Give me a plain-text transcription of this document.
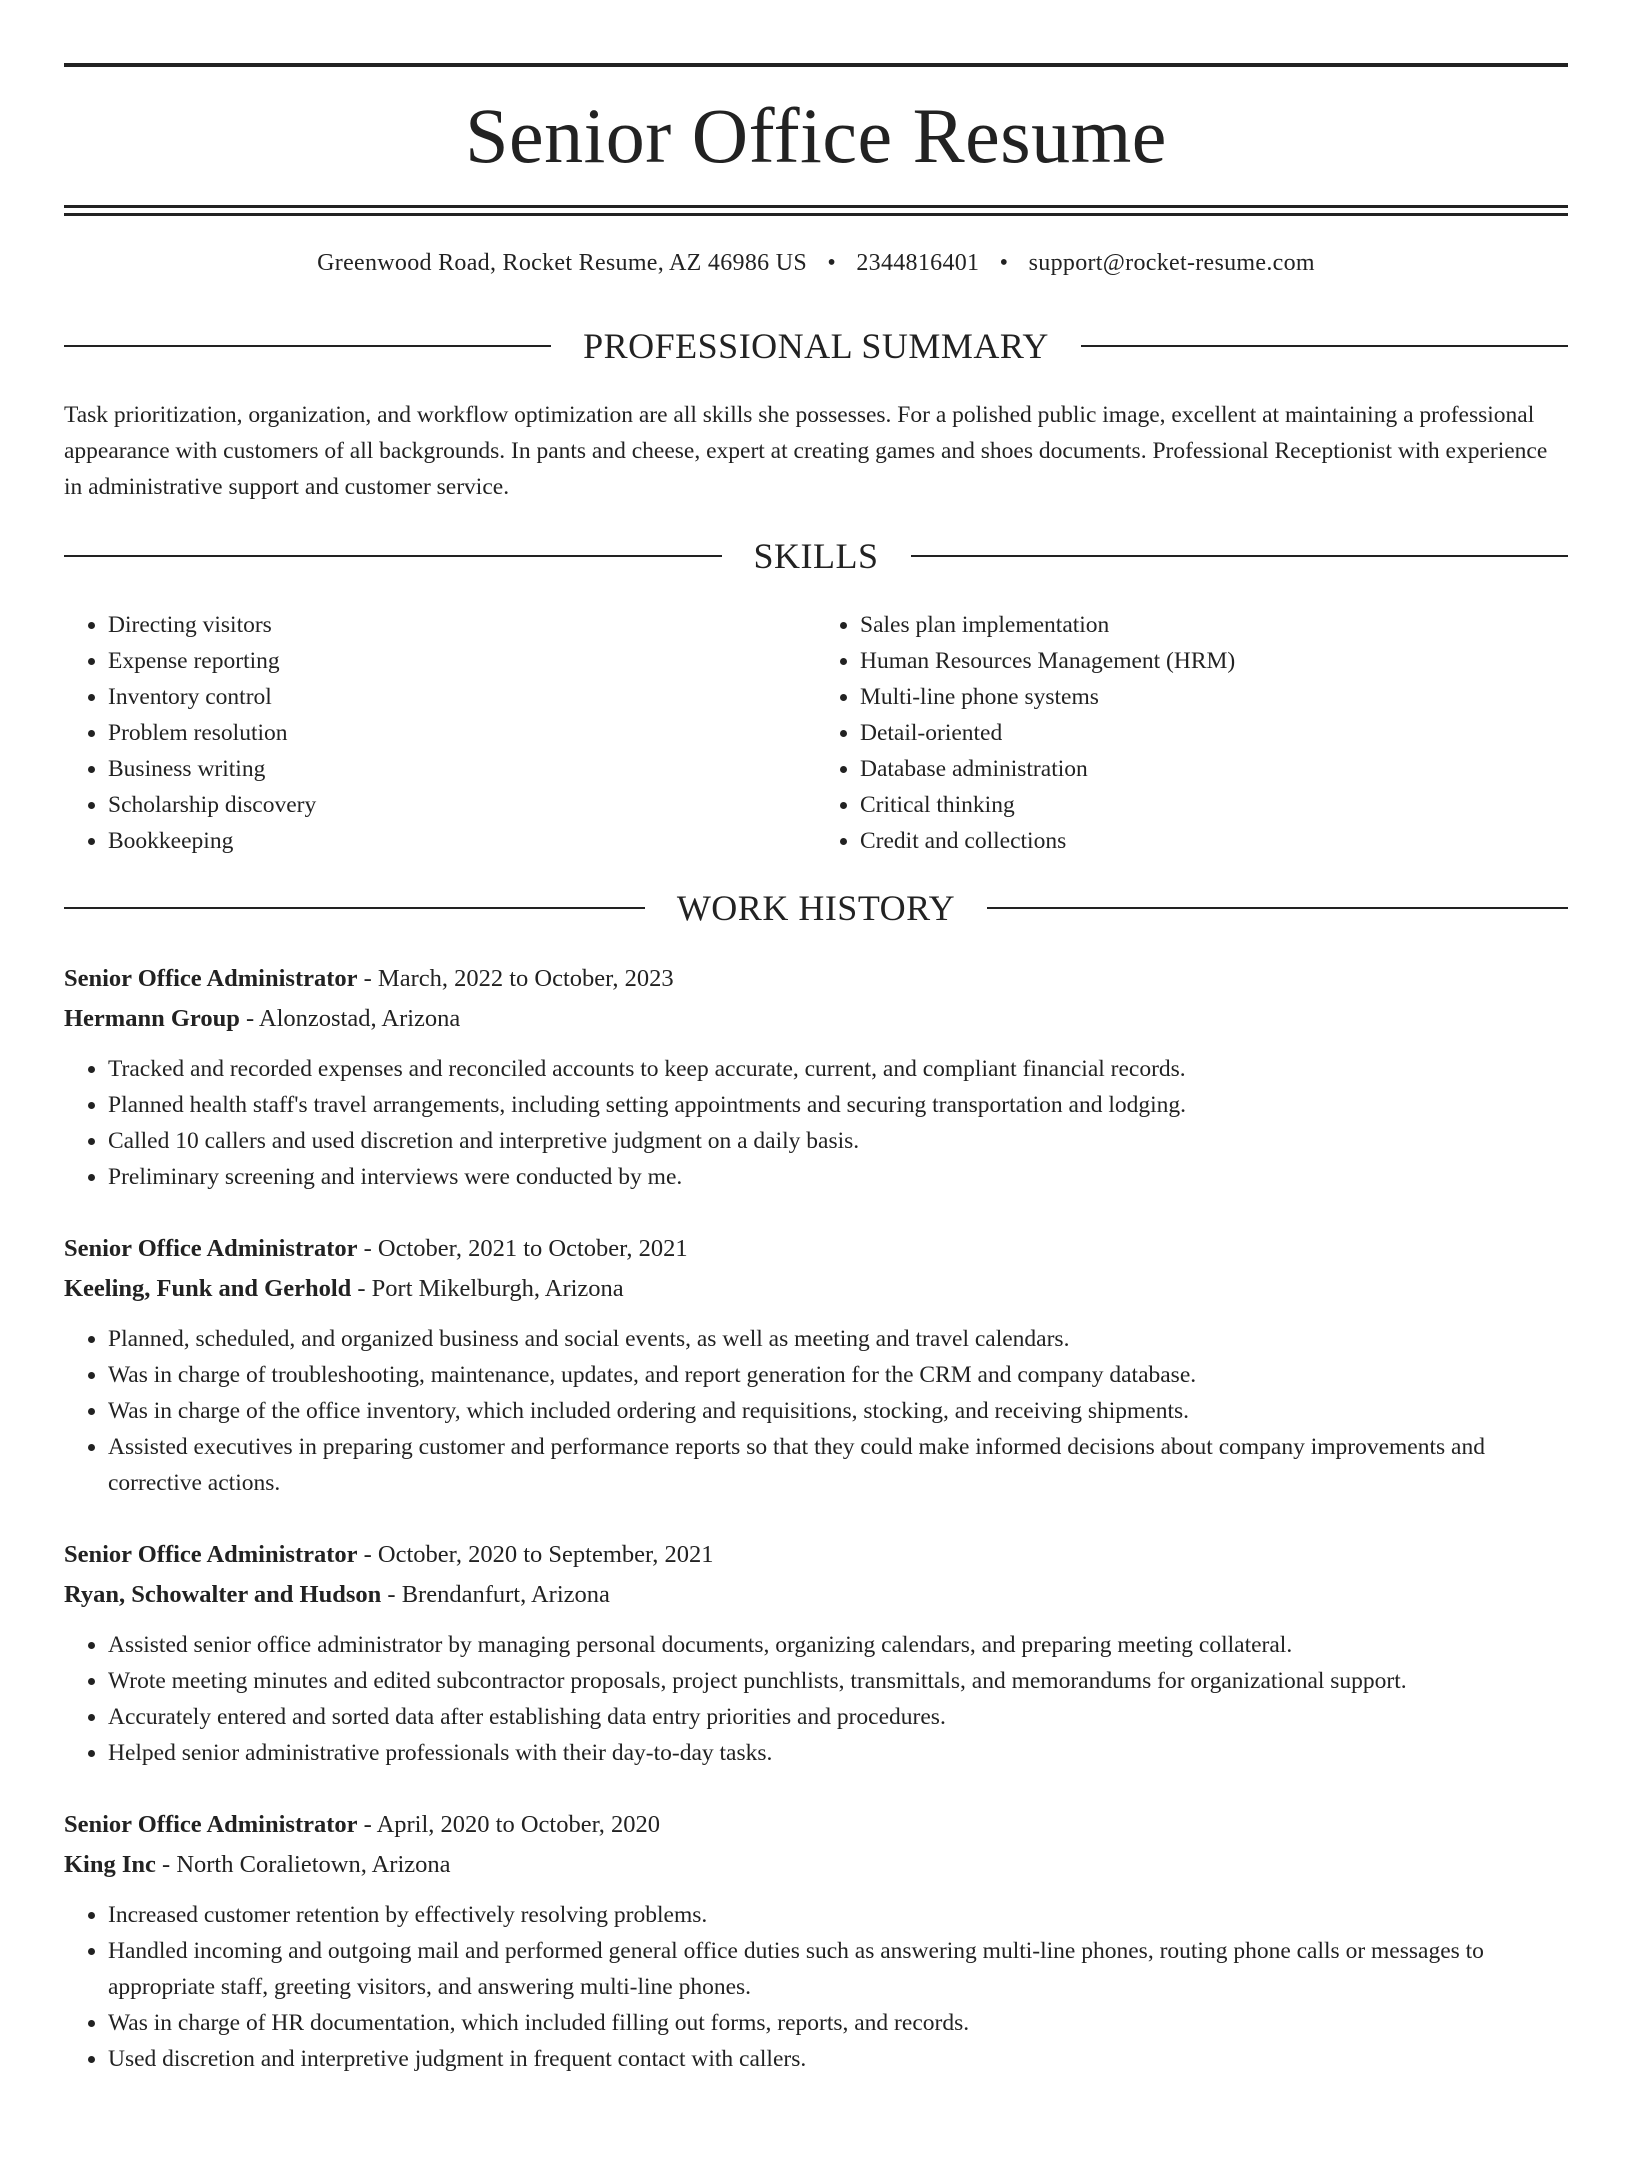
Senior Office Resume
Greenwood Road, Rocket Resume, AZ 46986 US • 2344816401 • support@rocket-resume.com
PROFESSIONAL SUMMARY

Task prioritization, organization, and workflow optimization are all skills she possesses. For a polished public image, excellent at maintaining a professional appearance with customers of all backgrounds. In pants and cheese, expert at creating games and shoes documents. Professional Receptionist with experience in administrative support and customer service.

SKILLS
• Directing visitors
• Expense reporting
• Inventory control
• Problem resolution
• Business writing
• Scholarship discovery
• Bookkeeping
• Sales plan implementation
• Human Resources Management (HRM)
• Multi-line phone systems
• Detail-oriented
• Database administration
• Critical thinking
• Credit and collections
WORK HISTORY
Senior Office Administrator - March, 2022 to October, 2023
Hermann Group - Alonzostad, Arizona
• Tracked and recorded expenses and reconciled accounts to keep accurate, current, and compliant financial records.
• Planned health staff's travel arrangements, including setting appointments and securing transportation and lodging.
• Called 10 callers and used discretion and interpretive judgment on a daily basis.
• Preliminary screening and interviews were conducted by me.
Senior Office Administrator - October, 2021 to October, 2021
Keeling, Funk and Gerhold - Port Mikelburgh, Arizona
• Planned, scheduled, and organized business and social events, as well as meeting and travel calendars.
• Was in charge of troubleshooting, maintenance, updates, and report generation for the CRM and company database.
• Was in charge of the office inventory, which included ordering and requisitions, stocking, and receiving shipments.
• Assisted executives in preparing customer and performance reports so that they could make informed decisions about company improvements and corrective actions.
Senior Office Administrator - October, 2020 to September, 2021
Ryan, Schowalter and Hudson - Brendanfurt, Arizona
• Assisted senior office administrator by managing personal documents, organizing calendars, and preparing meeting collateral.
• Wrote meeting minutes and edited subcontractor proposals, project punchlists, transmittals, and memorandums for organizational support.
• Accurately entered and sorted data after establishing data entry priorities and procedures.
• Helped senior administrative professionals with their day-to-day tasks.
Senior Office Administrator - April, 2020 to October, 2020
King Inc - North Coralietown, Arizona
• Increased customer retention by effectively resolving problems.
• Handled incoming and outgoing mail and performed general office duties such as answering multi-line phones, routing phone calls or messages to appropriate staff, greeting visitors, and answering multi-line phones.
• Was in charge of HR documentation, which included filling out forms, reports, and records.
• Used discretion and interpretive judgment in frequent contact with callers.
